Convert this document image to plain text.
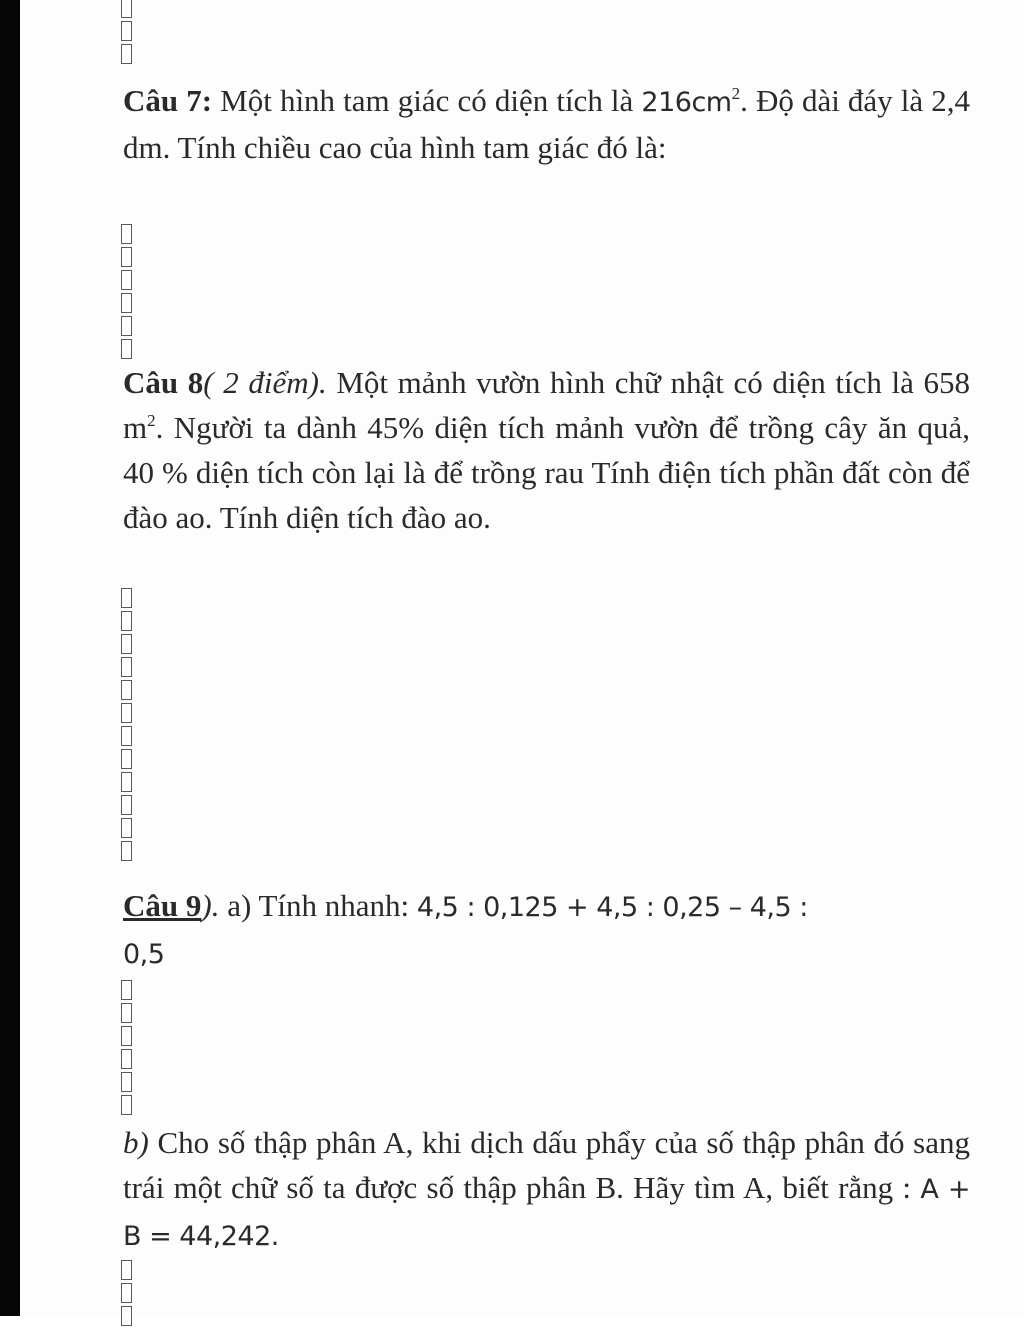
Câu 7: Một hình tam giác có diện tích là $216cm^2$. Độ dài đáy là 2,4 dm. Tính chiều cao của hình tam giác đó là:

Câu 8( 2 điểm). Một mảnh vườn hình chữ nhật có diện tích là 658 $m^2$. Người ta dành 45% diện tích mảnh vườn để trồng cây ăn quả, 40 % diện tích còn lại là để trồng rau Tính điện tích phần đất còn để đào ao. Tính diện tích đào ao.

Câu 9). a) Tính nhanh: 4,5 : 0,125 + 4,5 : 0,25 – 4,5 :
0,5

b) Cho số thập phân A, khi dịch dấu phẩy của số thập phân đó sang trái một chữ số ta được số thập phân B. Hãy tìm A, biết rằng : A + B = 44,242.
